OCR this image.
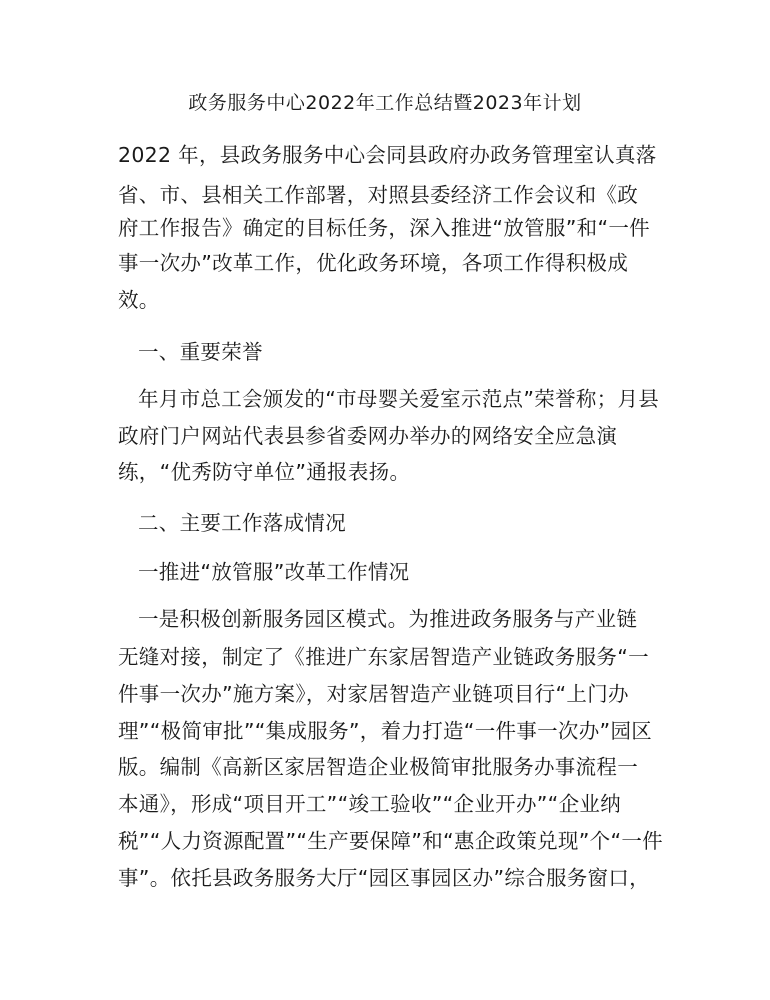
政务服务中心2022年工作总结暨2023年计划
2022 年，县政务服务中心会同县政府办政务管理室认真落
省、市、县相关工作部署，对照县委经济工作会议和《政
府工作报告》确定的目标任务，深入推进“放管服”和“一件
事一次办”改革工作，优化政务环境，各项工作得积极成
效。
一、重要荣誉
年月市总工会颁发的“市母婴关爱室示范点”荣誉称；月县
政府门户网站代表县参省委网办举办的网络安全应急演
练，“优秀防守单位”通报表扬。
二、主要工作落成情况
一推进“放管服”改革工作情况
一是积极创新服务园区模式。为推进政务服务与产业链
无缝对接，制定了《推进广东家居智造产业链政务服务“一
件事一次办”施方案》，对家居智造产业链项目行“上门办
理”“极简审批”“集成服务”，着力打造“一件事一次办”园区
版。编制《高新区家居智造企业极简审批服务办事流程一
本通》，形成“项目开工”“竣工验收”“企业开办”“企业纳
税”“人力资源配置”“生产要保障”和“惠企政策兑现”个“一件
事”。依托县政务服务大厅“园区事园区办”综合服务窗口，
